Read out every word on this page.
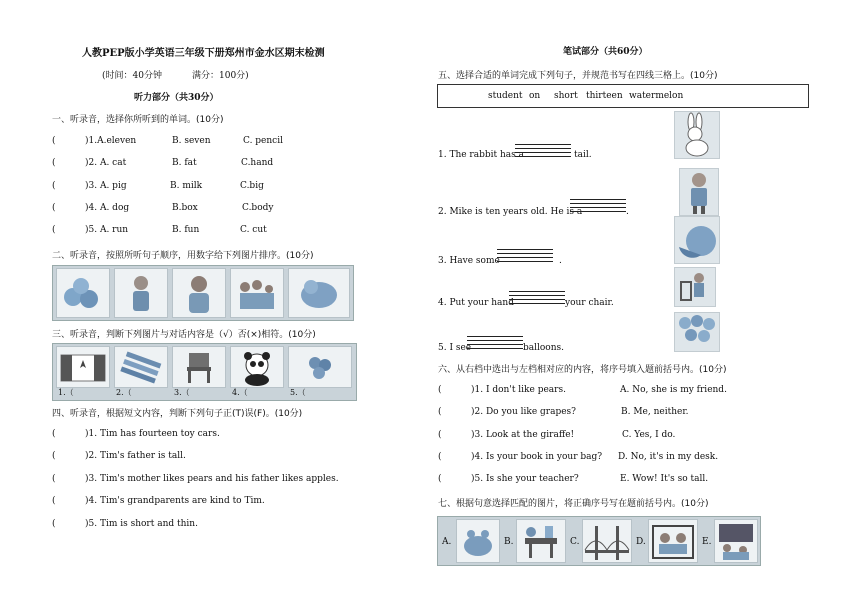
人教PEP版小学英语三年级下册郑州市金水区期末检测
(时间：40分钟	满分：100分)
听力部分（共30分）
一、听录音，选择你所听到的单词。(10分)
(	)1.A.eleven	B. seven	C. pencil
(	)2. A. cat	B. fat	C.hand
(	)3. A. pig	B. milk	C.big
(	)4. A. dog	B.box	C.body
(	)5. A. run	B. fun	C. cut
二、听录音，按照所听句子顺序，用数字给下列图片排序。(10分)
三、听录音，判断下列图片与对话内容是（√）否(×)相符。(10分)
1.（	2.（	3.（	4.（	5.（
四、听录音，根据短文内容，判断下列句子正(T)误(F)。(10分)
(	)1. Tim has fourteen toy cars.
(	)2. Tim's father is tall.
(	)3. Tim's mother likes pears and his father likes apples.
(	)4. Tim's grandparents are kind to Tim.
(	)5. Tim is short and thin.
笔试部分（共60分）
五、选择合适的单词完成下列句子，并规范书写在四线三格上。(10分)
student on short thirteen watermelon
1. The rabbit has a	tail.
2. Mike is ten years old. He is a	.
3. Have some	.
4. Put your hand	your chair.
5. I see	balloons.
六、从右档中选出与左档相对应的内容，将序号填入题前括号内。(10分)
(	)1. I don't like pears.	A. No, she is my friend.
(	)2. Do you like grapes?	B. Me, neither.
(	)3. Look at the giraffe!	C. Yes, I do.
(	)4. Is your book in your bag? D. No, it's in my desk.
(	)5. Is she your teacher?	E. Wow! It's so tall.
七、根据句意选择匹配的图片，将正确序号写在题前括号内。(10分)
A.	B.	C.	D.	E.
